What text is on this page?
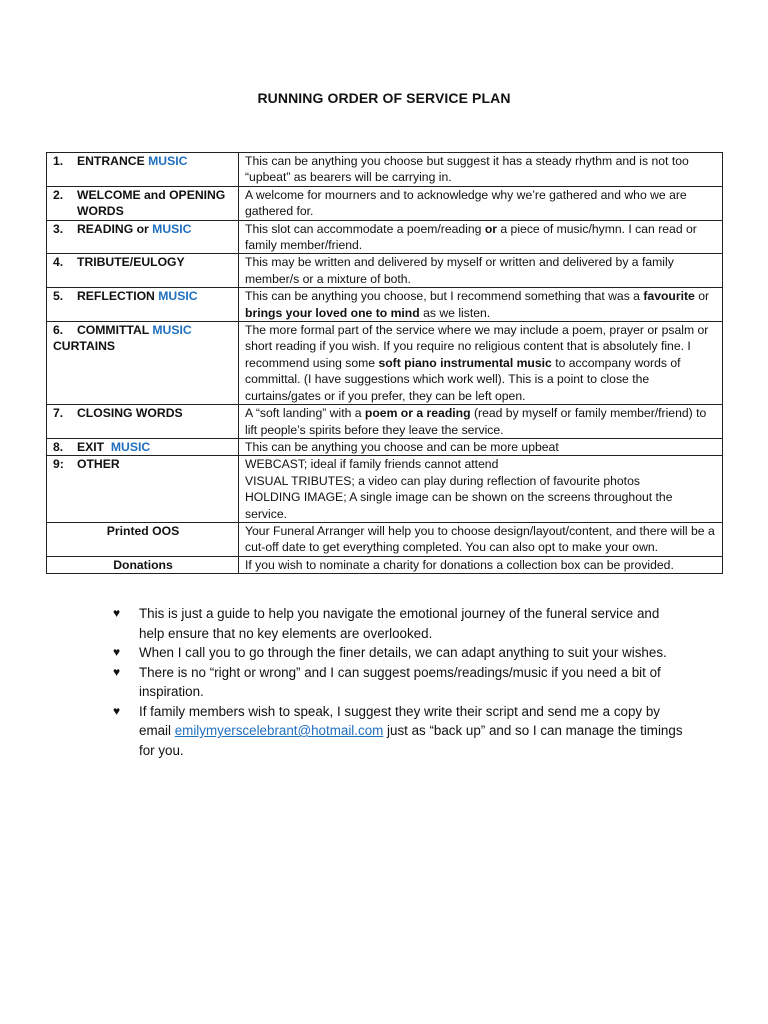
RUNNING ORDER OF SERVICE PLAN
1. ENTRANCE MUSIC	This can be anything you choose but suggest it has a steady rhythm and is not too “upbeat” as bearers will be carrying in.
2. WELCOME and OPENING
WORDS	A welcome for mourners and to acknowledge why we’re gathered and who we are gathered for.
3. READING or MUSIC	This slot can accommodate a poem/reading or a piece of music/hymn. I can read or family member/friend.
4. TRIBUTE/EULOGY	This may be written and delivered by myself or written and delivered by a family member/s or a mixture of both.
5. REFLECTION MUSIC	This can be anything you choose, but I recommend something that was a favourite or brings your loved one to mind as we listen.
6. COMMITTAL MUSIC
CURTAINS	The more formal part of the service where we may include a poem, prayer or psalm or short reading if you wish. If you require no religious content that is absolutely fine. I recommend using some soft piano instrumental music to accompany words of committal. (I have suggestions which work well). This is a point to close the curtains/gates or if you prefer, they can be left open.
7. CLOSING WORDS	A “soft landing” with a poem or a reading (read by myself or family member/friend) to lift people’s spirits before they leave the service.
8. EXIT  MUSIC	This can be anything you choose and can be more upbeat
9: OTHER	WEBCAST; ideal if family friends cannot attend
VISUAL TRIBUTES; a video can play during reflection of favourite photos
HOLDING IMAGE; A single image can be shown on the screens throughout the service.

Printed OOS	Your Funeral Arranger will help you to choose design/layout/content, and there will be a cut-off date to get everything completed. You can also opt to make your own.
Donations	If you wish to nominate a charity for donations a collection box can be provided.
♥ This is just a guide to help you navigate the emotional journey of the funeral service and help ensure that no key elements are overlooked.
♥ When I call you to go through the finer details, we can adapt anything to suit your wishes.
♥ There is no “right or wrong” and I can suggest poems/readings/music if you need a bit of inspiration.
♥ If family members wish to speak, I suggest they write their script and send me a copy by email emilymyerscelebrant@hotmail.com just as “back up” and so I can manage the timings for you.
